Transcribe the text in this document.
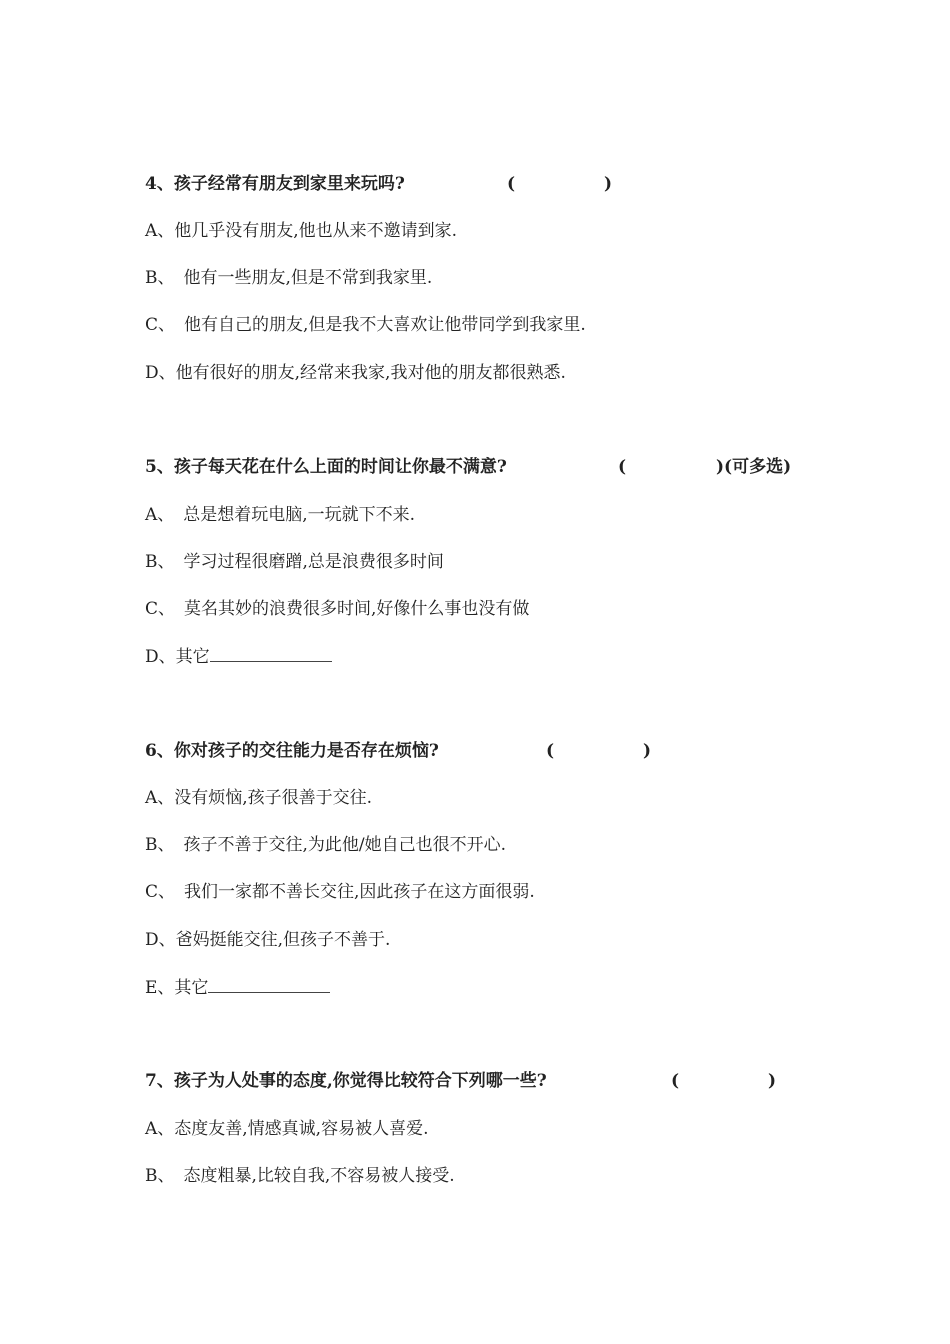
4、孩子经常有朋友到家里来玩吗?	(	)
A、他几乎没有朋友,他也从来不邀请到家.
B、 他有一些朋友,但是不常到我家里.
C、 他有自己的朋友,但是我不大喜欢让他带同学到我家里.
D、他有很好的朋友,经常来我家,我对他的朋友都很熟悉.
5、孩子每天花在什么上面的时间让你最不满意?	(	)(可多选)
A、 总是想着玩电脑,一玩就下不来.
B、 学习过程很磨蹭,总是浪费很多时间
C、 莫名其妙的浪费很多时间,好像什么事也没有做
D、其它
6、你对孩子的交往能力是否存在烦恼?	(	)
A、没有烦恼,孩子很善于交往.
B、 孩子不善于交往,为此他/她自己也很不开心.
C、 我们一家都不善长交往,因此孩子在这方面很弱.
D、爸妈挺能交往,但孩子不善于.
E、其它
7、孩子为人处事的态度,你觉得比较符合下列哪一些?	(	)
A、态度友善,情感真诚,容易被人喜爱.
B、 态度粗暴,比较自我,不容易被人接受.
